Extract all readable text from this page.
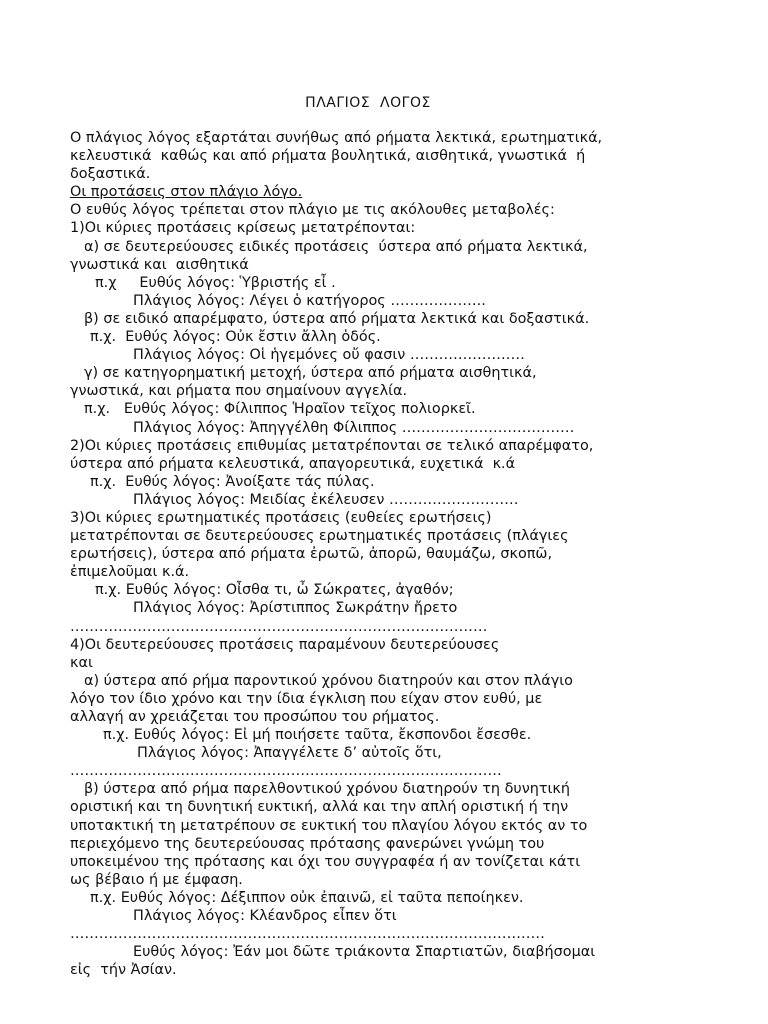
ΠΛΑΓΙΟΣ  ΛΟΓΟΣ
Ο πλάγιος λόγος εξαρτάται συνήθως από ρήματα λεκτικά, ερωτηματικά,
κελευστικά  καθώς και από ρήματα βουλητικά, αισθητικά, γνωστικά  ή
δοξαστικά.
Οι προτάσεις στον πλάγιο λόγο.
Ο ευθύς λόγος τρέπεται στον πλάγιο με τις ακόλουθες μεταβολές:
1)Οι κύριες προτάσεις κρίσεως μετατρέπονται:
α) σε δευτερεύουσες ειδικές προτάσεις  ύστερα από ρήματα λεκτικά,
γνωστικά και  αισθητικά
π.χ     Ευθύς λόγος: Ὑβριστής εἶ .
Πλάγιος λόγος: Λέγει ὁ κατήγορος ………………..
β) σε ειδικό απαρέμφατο, ύστερα από ρήματα λεκτικά και δοξαστικά.
π.χ.  Ευθύς λόγος: Οὐκ ἔστιν ἄλλη ὁδός.
Πλάγιος λόγος: Οἱ ἡγεμόνες οὔ φασιν ……………………
γ) σε κατηγορηματική μετοχή, ύστερα από ρήματα αισθητικά,
γνωστικά, και ρήματα που σημαίνουν αγγελία.
π.χ.   Ευθύς λόγος: Φίλιππος Ἡραῖον τεῖχος πολιορκεῖ.
Πλάγιος λόγος: Ἀπηγγέλθη Φίλιππος ………………………………
2)Οι κύριες προτάσεις επιθυμίας μετατρέπονται σε τελικό απαρέμφατο,
ύστερα από ρήματα κελευστικά, απαγορευτικά, ευχετικά  κ.ά
π.χ.  Ευθύς λόγος: Ἀνοίξατε τάς πύλας.
Πλάγιος λόγος: Μειδίας ἐκέλευσεν ………………………
3)Οι κύριες ερωτηματικές προτάσεις (ευθείες ερωτήσεις)
μετατρέπονται σε δευτερεύουσες ερωτηματικές προτάσεις (πλάγιες
ερωτήσεις), ύστερα από ρήματα ἐρωτῶ, ἀπορῶ, θαυμάζω, σκοπῶ,
ἐπιμελοῦμαι κ.ά.
π.χ. Ευθύς λόγος: Οἶσθα τι, ὦ Σώκρατες, ἀγαθόν;
Πλάγιος λόγος: Ἀρίστιππος Σωκράτην ἤρετο
……………………………………………………………………………
4)Οι δευτερεύουσες προτάσεις παραμένουν δευτερεύουσες
και
α) ύστερα από ρήμα παροντικού χρόνου διατηρούν και στον πλάγιο
λόγο τον ίδιο χρόνο και την ίδια έγκλιση που είχαν στον ευθύ, με
αλλαγή αν χρειάζεται του προσώπου του ρήματος.
π.χ. Ευθύς λόγος: Εἰ μή ποιήσετε ταῦτα, ἔκσπονδοι ἔσεσθε.
Πλάγιος λόγος: Ἀπαγγέλετε δ’ αὐτοῖς ὅτι,
………………………………………………………………………………
β) ύστερα από ρήμα παρελθοντικού χρόνου διατηρούν τη δυνητική
οριστική και τη δυνητική ευκτική, αλλά και την απλή οριστική ή την
υποτακτική τη μετατρέπουν σε ευκτική του πλαγίου λόγου εκτός αν το
περιεχόμενο της δευτερεύουσας πρότασης φανερώνει γνώμη του
υποκειμένου της πρότασης και όχι του συγγραφέα ή αν τονίζεται κάτι
ως βέβαιο ή με έμφαση.
π.χ. Ευθύς λόγος: Δέξιππον οὐκ ἐπαινῶ, εἰ ταῦτα πεποίηκεν.
Πλάγιος λόγος: Κλέανδρος εἶπεν ὅτι
………………………………………………………………………………………
Ευθύς λόγος: Ἐάν μοι δῶτε τριάκοντα Σπαρτιατῶν, διαβήσομαι
εἰς  τήν Ἀσίαν.
